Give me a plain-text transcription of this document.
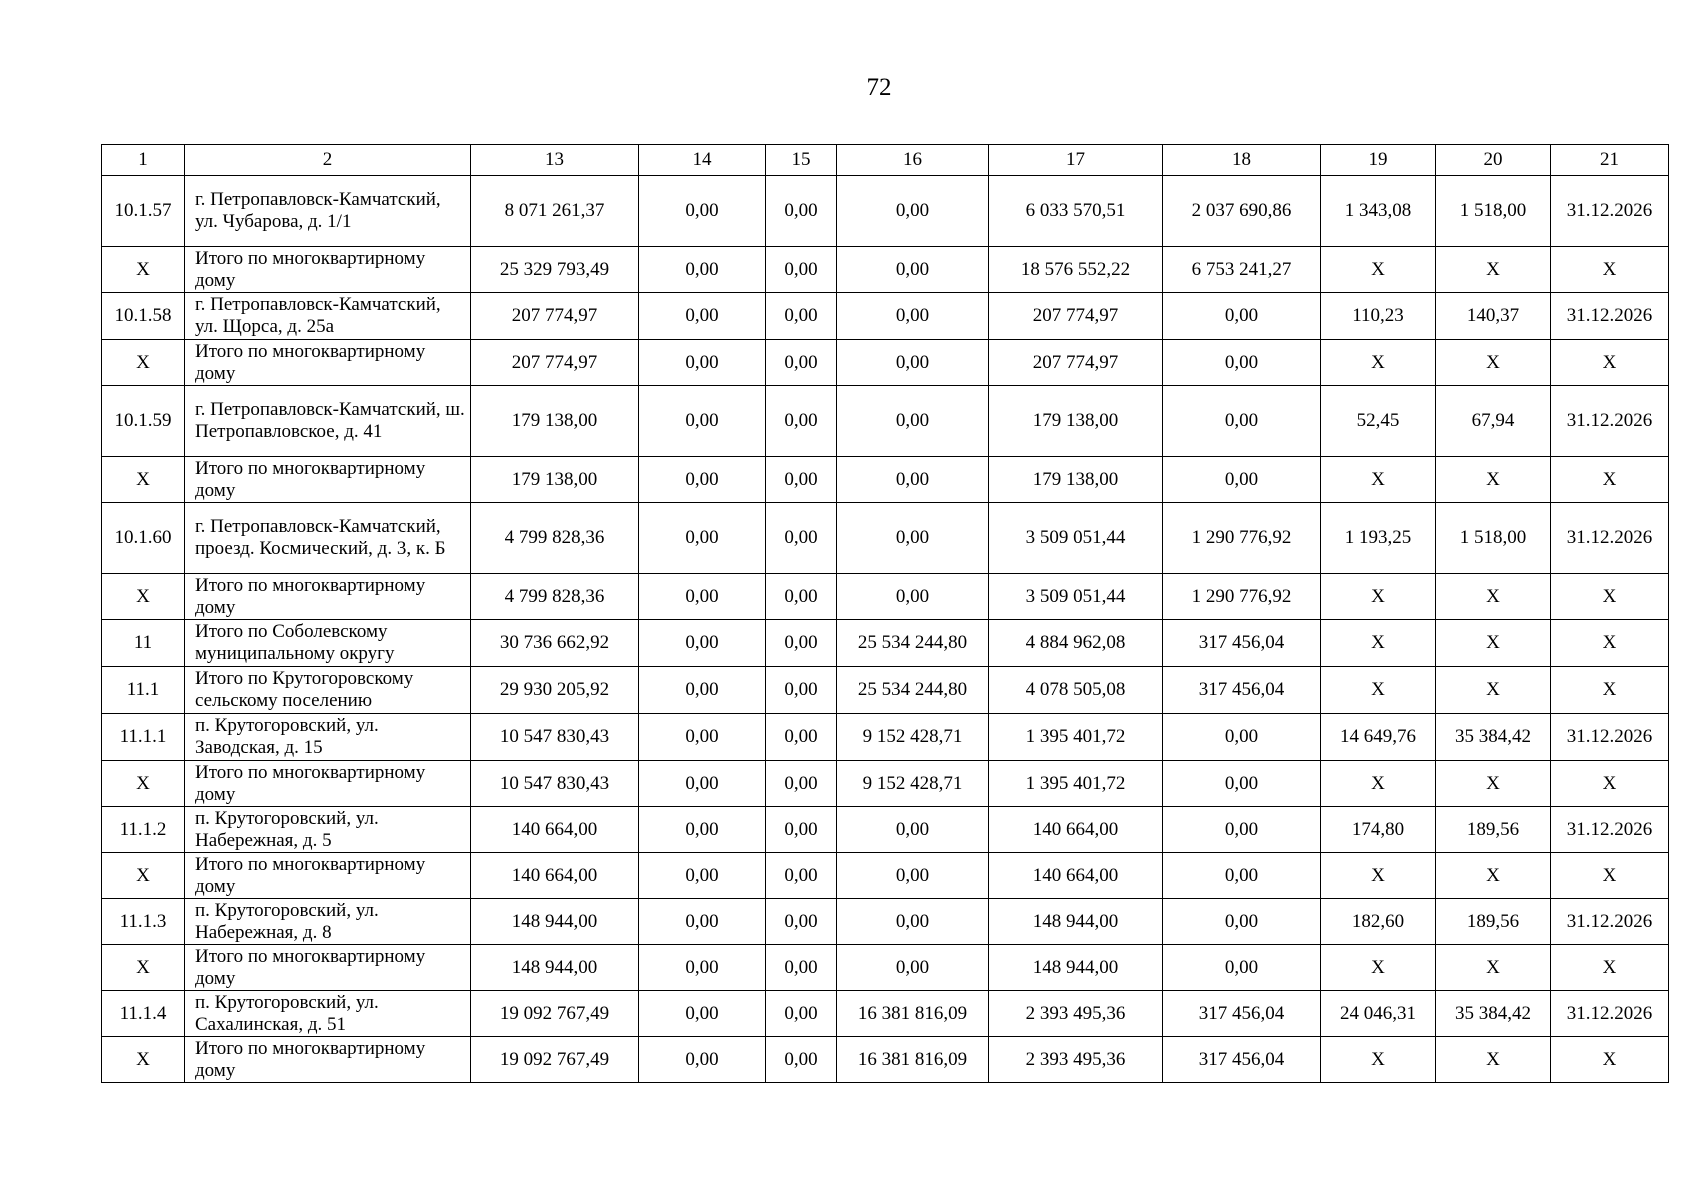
72
1	2	13	14	15	16	17	18	19	20	21
10.1.57	г. Петропавловск-Камчатский, ул. Чубарова, д. 1/1	8 071 261,37	0,00	0,00	0,00	6 033 570,51	2 037 690,86	1 343,08	1 518,00	31.12.2026
X	Итого по многоквартирному дому	25 329 793,49	0,00	0,00	0,00	18 576 552,22	6 753 241,27	X	X	X
10.1.58	г. Петропавловск-Камчатский, ул. Щорса, д. 25а	207 774,97	0,00	0,00	0,00	207 774,97	0,00	110,23	140,37	31.12.2026
X	Итого по многоквартирному дому	207 774,97	0,00	0,00	0,00	207 774,97	0,00	X	X	X
10.1.59	г. Петропавловск-Камчатский, ш. Петропавловское, д. 41	179 138,00	0,00	0,00	0,00	179 138,00	0,00	52,45	67,94	31.12.2026
X	Итого по многоквартирному дому	179 138,00	0,00	0,00	0,00	179 138,00	0,00	X	X	X
10.1.60	г. Петропавловск-Камчатский, проезд. Космический, д. 3, к. Б	4 799 828,36	0,00	0,00	0,00	3 509 051,44	1 290 776,92	1 193,25	1 518,00	31.12.2026
X	Итого по многоквартирному дому	4 799 828,36	0,00	0,00	0,00	3 509 051,44	1 290 776,92	X	X	X
11	Итого по Соболевскому муниципальному округу	30 736 662,92	0,00	0,00	25 534 244,80	4 884 962,08	317 456,04	X	X	X
11.1	Итого по Крутогоровскому сельскому поселению	29 930 205,92	0,00	0,00	25 534 244,80	4 078 505,08	317 456,04	X	X	X
11.1.1	п. Крутогоровский, ул. Заводская, д. 15	10 547 830,43	0,00	0,00	9 152 428,71	1 395 401,72	0,00	14 649,76	35 384,42	31.12.2026
X	Итого по многоквартирному дому	10 547 830,43	0,00	0,00	9 152 428,71	1 395 401,72	0,00	X	X	X
11.1.2	п. Крутогоровский, ул. Набережная, д. 5	140 664,00	0,00	0,00	0,00	140 664,00	0,00	174,80	189,56	31.12.2026
X	Итого по многоквартирному дому	140 664,00	0,00	0,00	0,00	140 664,00	0,00	X	X	X
11.1.3	п. Крутогоровский, ул. Набережная, д. 8	148 944,00	0,00	0,00	0,00	148 944,00	0,00	182,60	189,56	31.12.2026
X	Итого по многоквартирному дому	148 944,00	0,00	0,00	0,00	148 944,00	0,00	X	X	X
11.1.4	п. Крутогоровский, ул. Сахалинская, д. 51	19 092 767,49	0,00	0,00	16 381 816,09	2 393 495,36	317 456,04	24 046,31	35 384,42	31.12.2026
X	Итого по многоквартирному дому	19 092 767,49	0,00	0,00	16 381 816,09	2 393 495,36	317 456,04	X	X	X
